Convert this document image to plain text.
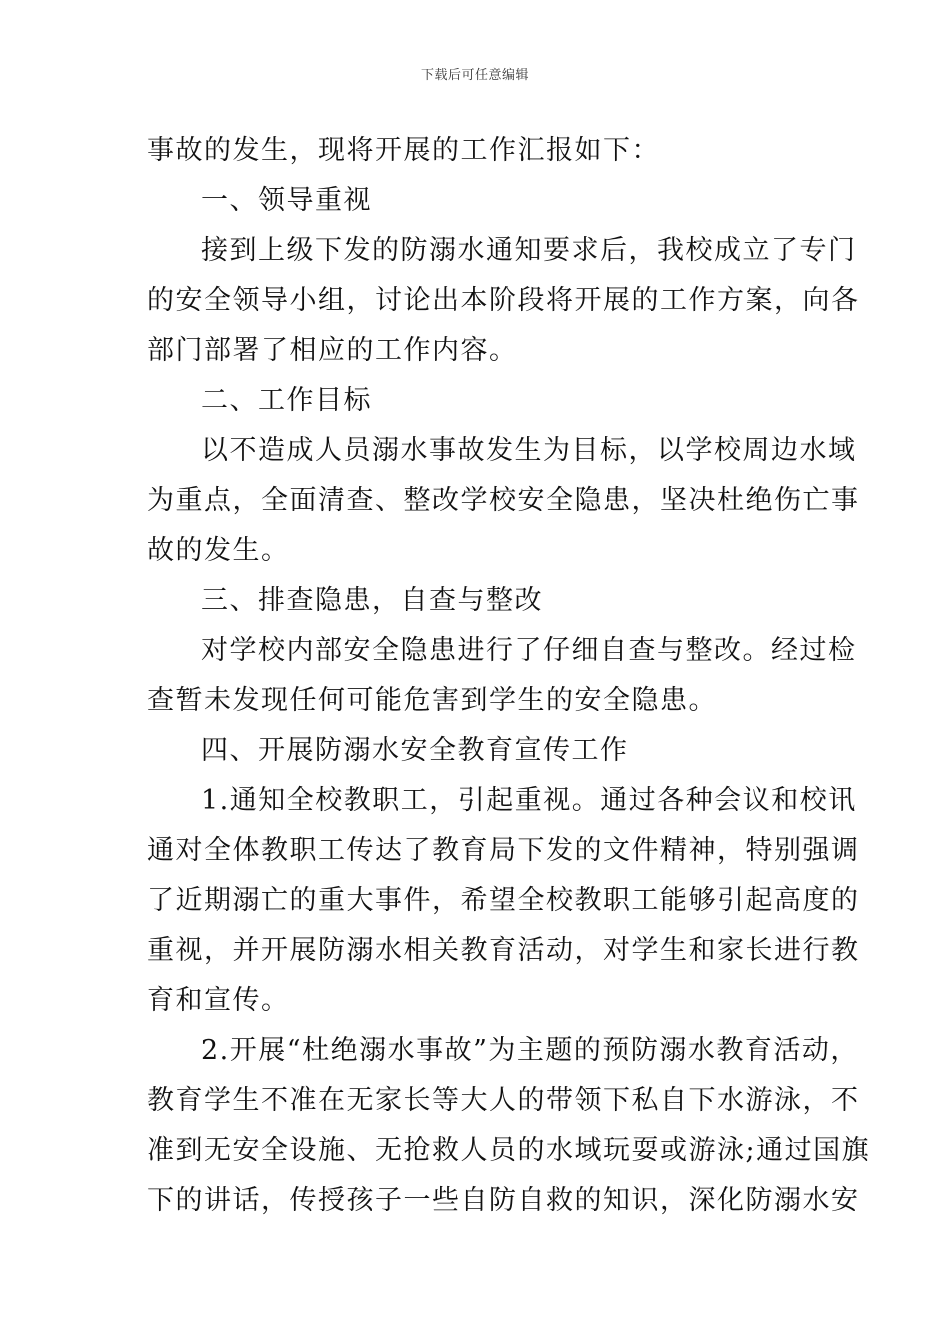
下载后可任意编辑
事故的发生，现将开展的工作汇报如下：
一、领导重视
接到上级下发的防溺水通知要求后，我校成立了专门
的安全领导小组，讨论出本阶段将开展的工作方案，向各
部门部署了相应的工作内容。
二、工作目标
以不造成人员溺水事故发生为目标，以学校周边水域
为重点，全面清查、整改学校安全隐患，坚决杜绝伤亡事
故的发生。
三、排查隐患，自查与整改
对学校内部安全隐患进行了仔细自查与整改。经过检
查暂未发现任何可能危害到学生的安全隐患。
四、开展防溺水安全教育宣传工作
1.通知全校教职工，引起重视。通过各种会议和校讯
通对全体教职工传达了教育局下发的文件精神，特别强调
了近期溺亡的重大事件，希望全校教职工能够引起高度的
重视，并开展防溺水相关教育活动，对学生和家长进行教
育和宣传。
2.开展“杜绝溺水事故”为主题的预防溺水教育活动，
教育学生不准在无家长等大人的带领下私自下水游泳，不
准到无安全设施、无抢救人员的水域玩耍或游泳;通过国旗
下的讲话，传授孩子一些自防自救的知识，深化防溺水安
